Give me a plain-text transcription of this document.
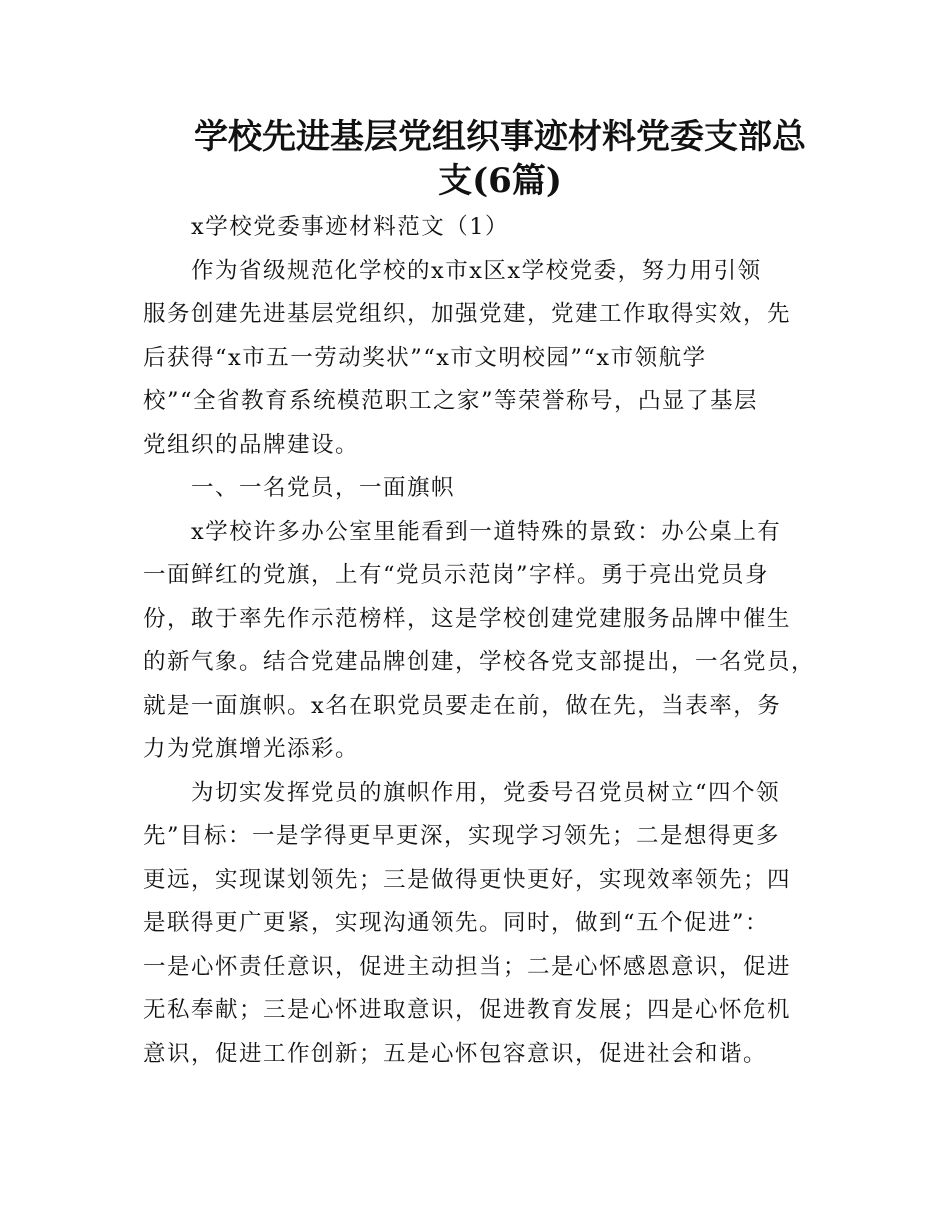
学校先进基层党组织事迹材料党委支部总
支(6篇)
x学校党委事迹材料范文（1）
作为省级规范化学校的x市x区x学校党委，努力用引领
服务创建先进基层党组织，加强党建，党建工作取得实效，先
后获得“x市五一劳动奖状”“x市文明校园”“x市领航学
校”“全省教育系统模范职工之家”等荣誉称号，凸显了基层
党组织的品牌建设。
一、一名党员，一面旗帜
x学校许多办公室里能看到一道特殊的景致：办公桌上有
一面鲜红的党旗，上有“党员示范岗”字样。勇于亮出党员身
份，敢于率先作示范榜样，这是学校创建党建服务品牌中催生
的新气象。结合党建品牌创建，学校各党支部提出，一名党员，
就是一面旗帜。x名在职党员要走在前，做在先，当表率，务
力为党旗增光添彩。
为切实发挥党员的旗帜作用，党委号召党员树立“四个领
先”目标：一是学得更早更深，实现学习领先；二是想得更多
更远，实现谋划领先；三是做得更快更好，实现效率领先；四
是联得更广更紧，实现沟通领先。同时，做到“五个促进”：
一是心怀责任意识，促进主动担当；二是心怀感恩意识，促进
无私奉献；三是心怀进取意识，促进教育发展；四是心怀危机
意识，促进工作创新；五是心怀包容意识，促进社会和谐。
